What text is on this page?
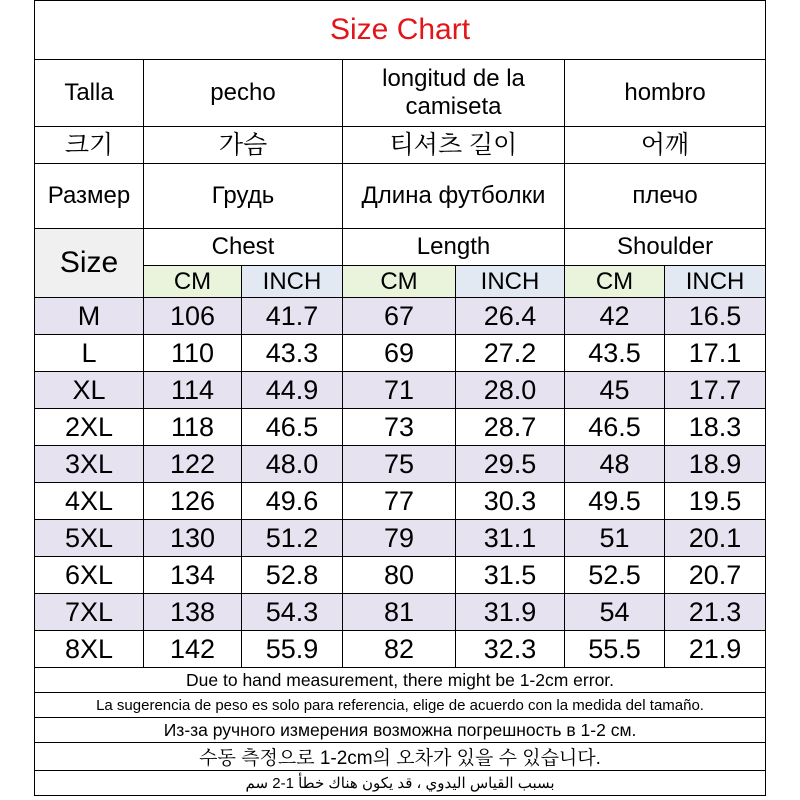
Size Chart						
Talla	pecho		longitud de la camiseta		hombro	
크기	가슴		티셔츠 길이		어깨	
Размер	Грудь		Длина футболки		плечо	
Size	Chest		Length		Shoulder	
	CM	INCH	CM	INCH	CM	INCH
M	106	41.7	67	26.4	42	16.5
L	110	43.3	69	27.2	43.5	17.1
XL	114	44.9	71	28.0	45	17.7
2XL	118	46.5	73	28.7	46.5	18.3
3XL	122	48.0	75	29.5	48	18.9
4XL	126	49.6	77	30.3	49.5	19.5
5XL	130	51.2	79	31.1	51	20.1
6XL	134	52.8	80	31.5	52.5	20.7
7XL	138	54.3	81	31.9	54	21.3
8XL	142	55.9	82	32.3	55.5	21.9
Due to hand measurement, there might be 1-2cm error.						
La sugerencia de peso es solo para referencia, elige de acuerdo con la medida del tamaño.						
Из-за ручного измерения возможна погрешность в 1-2 см.						
수동 측정으로 1-2cm의 오차가 있을 수 있습니다.						
بسبب القياس اليدوي ، قد يكون هناك خطأ 1-2 سم						
